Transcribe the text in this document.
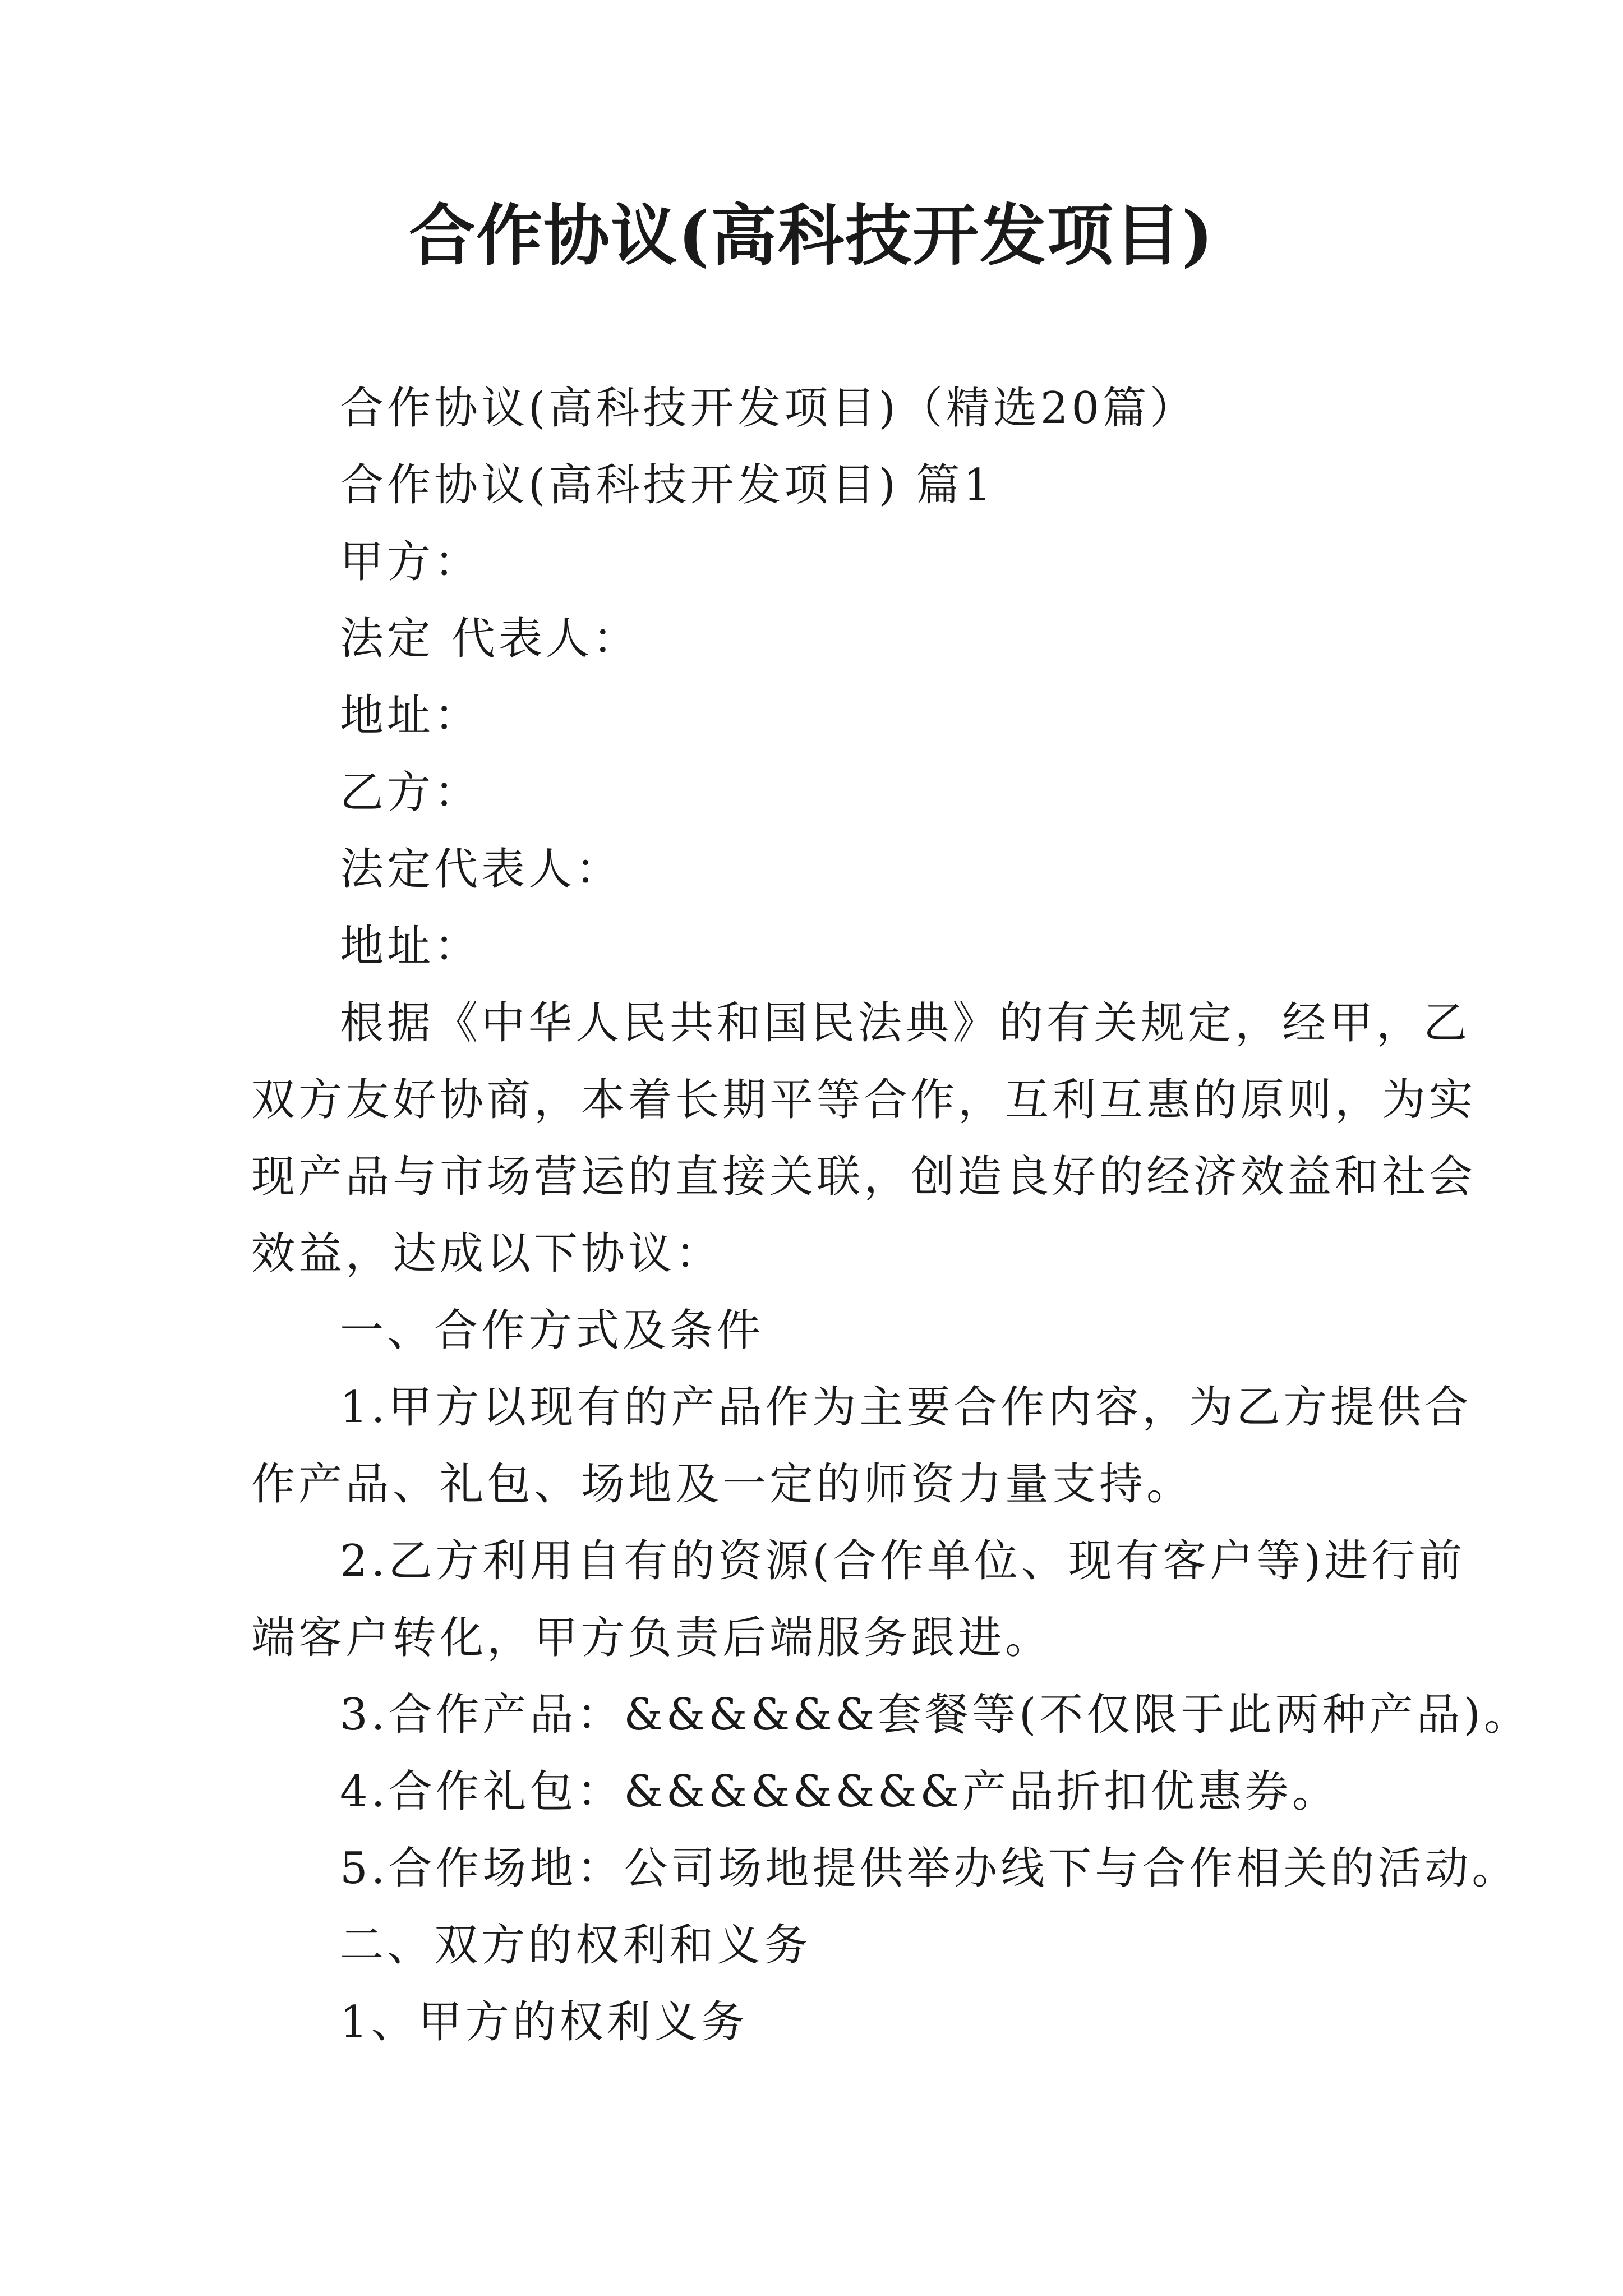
合作协议(高科技开发项目)
合作协议(高科技开发项目)（精选20篇）
合作协议(高科技开发项目) 篇1
甲方：
法定 代表人：
地址：
乙方：
法定代表人：
地址：
根据《中华人民共和国民法典》的有关规定，经甲，乙
双方友好协商，本着长期平等合作，互利互惠的原则，为实
现产品与市场营运的直接关联，创造良好的经济效益和社会
效益，达成以下协议：
一、合作方式及条件
1.甲方以现有的产品作为主要合作内容，为乙方提供合
作产品、礼包、场地及一定的师资力量支持。
2.乙方利用自有的资源(合作单位、现有客户等)进行前
端客户转化，甲方负责后端服务跟进。
3.合作产品：&&&&&&套餐等(不仅限于此两种产品)。
4.合作礼包：&&&&&&&&产品折扣优惠券。
5.合作场地：公司场地提供举办线下与合作相关的活动。
二、双方的权利和义务
1、甲方的权利义务
